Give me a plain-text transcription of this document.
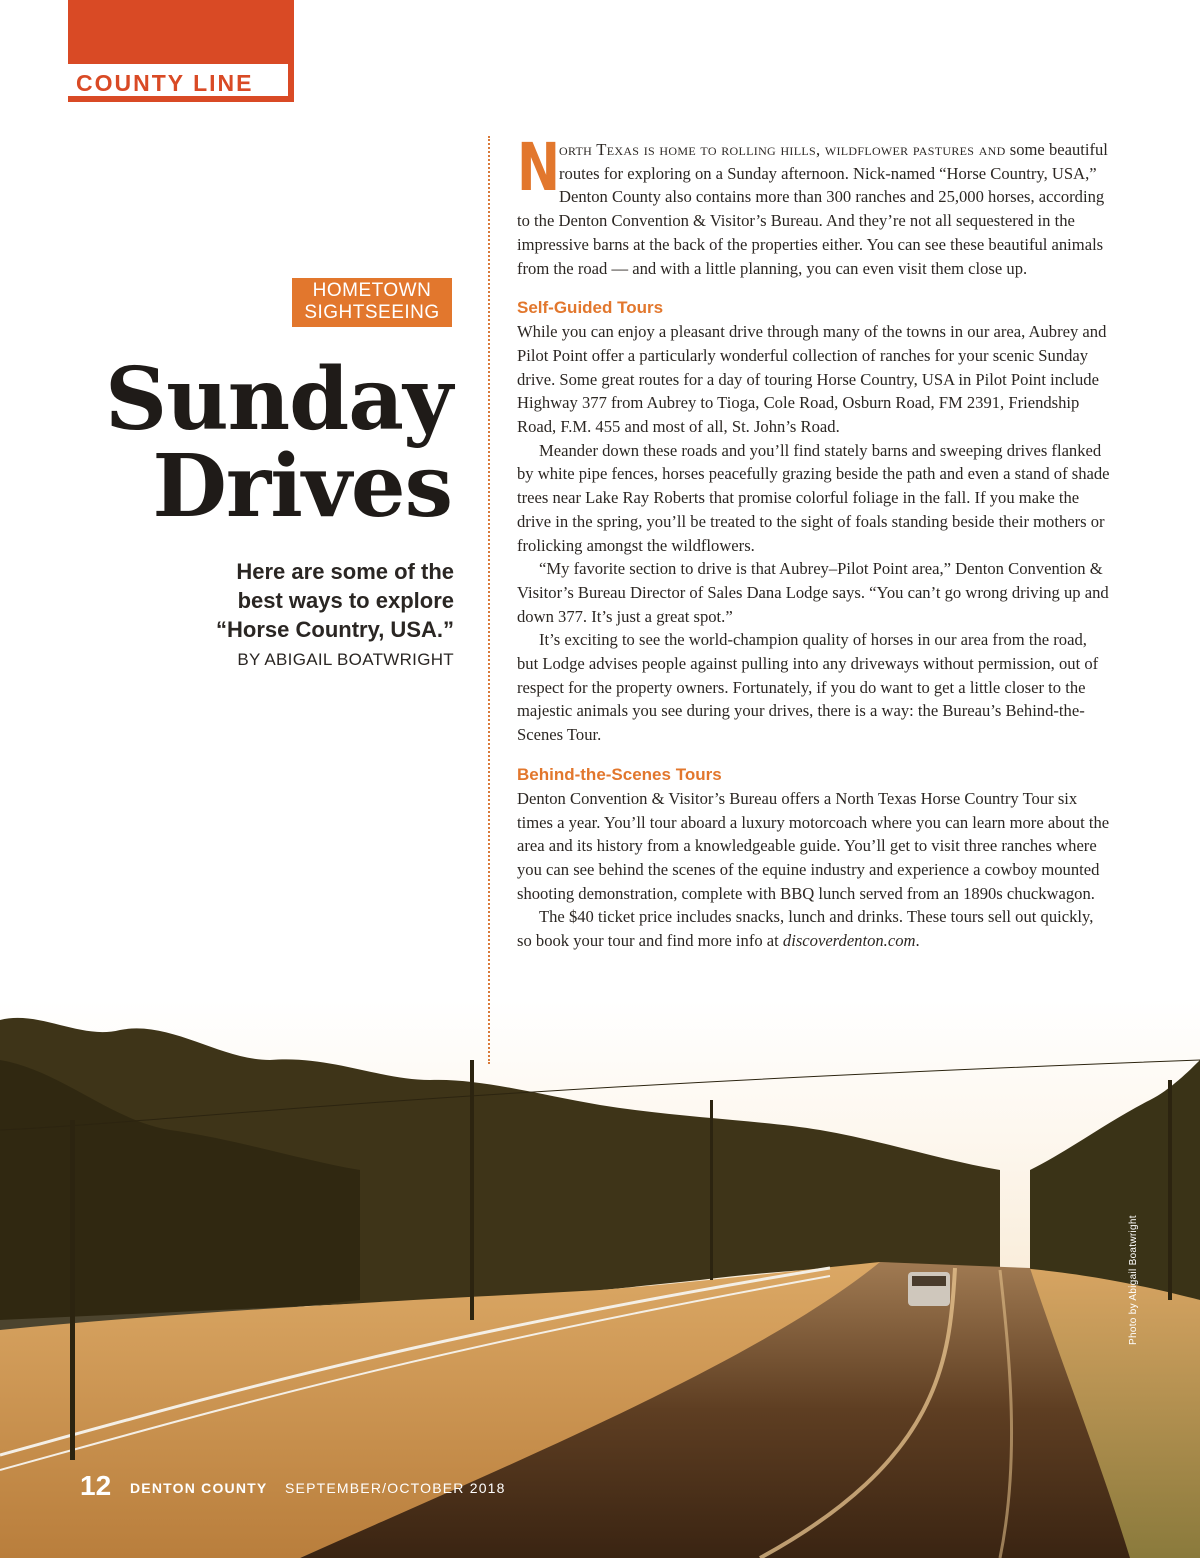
COUNTY LINE
Photo by Abigail Boatwright
HOMETOWN
SIGHTSEEING
Sunday
Drives
Here are some of the
best ways to explore
“Horse Country, USA.”
BY ABIGAIL BOATWRIGHT

N
orth Texas is home to rolling hills, wildflower pastures and some beautiful routes for exploring on a Sunday afternoon. Nick-named “Horse Country, USA,” Denton County also contains more than 300 ranches and 25,000 horses, according to the Denton Convention & Visitor’s Bureau. And they’re not all sequestered in the impressive barns at the back of the properties either. You can see these beautiful animals from the road — and with a little planning, you can even visit them close up.

Self-Guided Tours

While you can enjoy a pleasant drive through many of the towns in our area, Aubrey and Pilot Point offer a particularly wonderful collection of ranches for your scenic Sunday drive. Some great routes for a day of touring Horse Country, USA in Pilot Point include Highway 377 from Aubrey to Tioga, Cole Road, Osburn Road, FM 2391, Friendship Road, F.M. 455 and most of all, St. John’s Road.

Meander down these roads and you’ll find stately barns and sweeping drives flanked by white pipe fences, horses peacefully grazing beside the path and even a stand of shade trees near Lake Ray Roberts that promise colorful foliage in the fall. If you make the drive in the spring, you’ll be treated to the sight of foals standing beside their mothers or frolicking amongst the wildflowers.

“My favorite section to drive is that Aubrey–Pilot Point area,” Denton Convention & Visitor’s Bureau Director of Sales Dana Lodge says. “You can’t go wrong driving up and down 377. It’s just a great spot.”

It’s exciting to see the world-champion quality of horses in our area from the road, but Lodge advises people against pulling into any driveways without permission, out of respect for the property owners. Fortunately, if you do want to get a little closer to the majestic animals you see during your drives, there is a way: the Bureau’s Behind-the-Scenes Tour.

Behind-the-Scenes Tours

Denton Convention & Visitor’s Bureau offers a North Texas Horse Country Tour six times a year. You’ll tour aboard a luxury motorcoach where you can learn more about the area and its history from a knowledgeable guide. You’ll get to visit three ranches where you can see behind the scenes of the equine industry and experience a cowboy mounted shooting demonstration, complete with BBQ lunch served from an 1890s chuckwagon.

The $40 ticket price includes snacks, lunch and drinks. These tours sell out quickly, so book your tour and find more info at discoverdenton.com.

12 DENTON COUNTY SEPTEMBER/OCTOBER 2018
